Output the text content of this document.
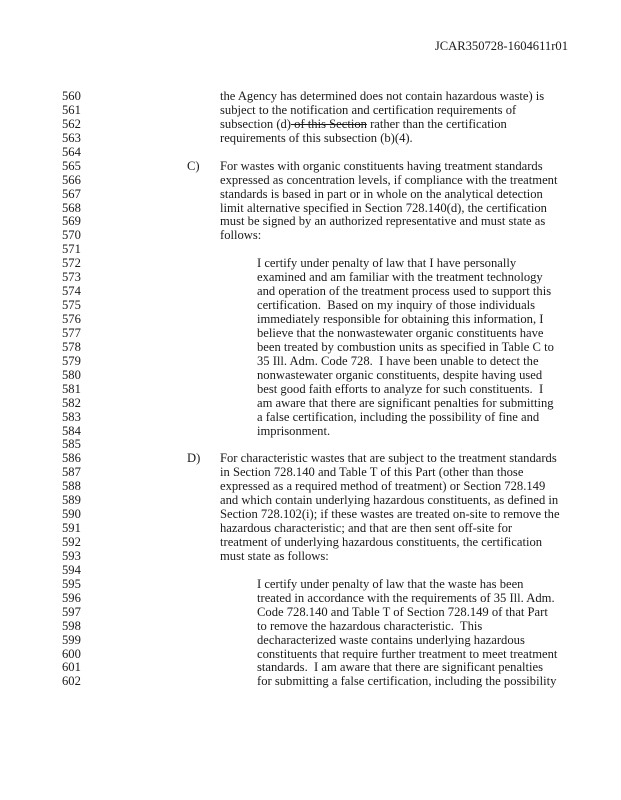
JCAR350728-1604611r01
560	the Agency has determined does not contain hazardous waste) is
561	subject to the notification and certification requirements of
562	subsection (d) of this Section rather than the certification
563	requirements of this subsection (b)(4).
564
565	C) For wastes with organic constituents having treatment standards
566	expressed as concentration levels, if compliance with the treatment
567	standards is based in part or in whole on the analytical detection
568	limit alternative specified in Section 728.140(d), the certification
569	must be signed by an authorized representative and must state as
570	follows:
571
572	I certify under penalty of law that I have personally
573	examined and am familiar with the treatment technology
574	and operation of the treatment process used to support this
575	certification.  Based on my inquiry of those individuals
576	immediately responsible for obtaining this information, I
577	believe that the nonwastewater organic constituents have
578	been treated by combustion units as specified in Table C to
579	35 Ill. Adm. Code 728.  I have been unable to detect the
580	nonwastewater organic constituents, despite having used
581	best good faith efforts to analyze for such constituents.  I
582	am aware that there are significant penalties for submitting
583	a false certification, including the possibility of fine and
584	imprisonment.
585
586	D) For characteristic wastes that are subject to the treatment standards
587	in Section 728.140 and Table T of this Part (other than those
588	expressed as a required method of treatment) or Section 728.149
589	and which contain underlying hazardous constituents, as defined in
590	Section 728.102(i); if these wastes are treated on-site to remove the
591	hazardous characteristic; and that are then sent off-site for
592	treatment of underlying hazardous constituents, the certification
593	must state as follows:
594
595	I certify under penalty of law that the waste has been
596	treated in accordance with the requirements of 35 Ill. Adm.
597	Code 728.140 and Table T of Section 728.149 of that Part
598	to remove the hazardous characteristic.  This
599	decharacterized waste contains underlying hazardous
600	constituents that require further treatment to meet treatment
601	standards.  I am aware that there are significant penalties
602	for submitting a false certification, including the possibility
